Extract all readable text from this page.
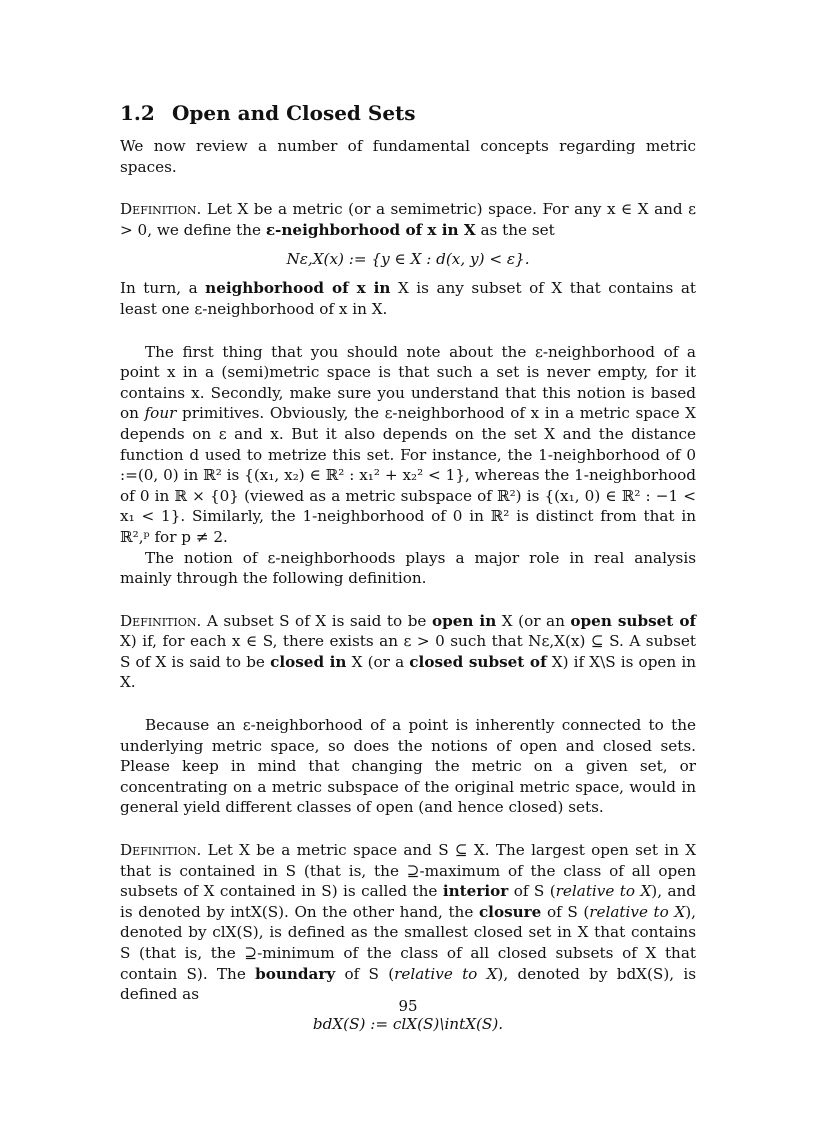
1.2 Open and Closed Sets

We now review a number of fundamental concepts regarding metric spaces.

Definition. Let X be a metric (or a semimetric) space. For any x ∈ X and ε > 0, we define the ε-neighborhood of x in X as the set

Nε,X(x) := {y ∈ X : d(x, y) < ε}.

In turn, a neighborhood of x in X is any subset of X that contains at least one ε-neighborhood of x in X.

The first thing that you should note about the ε-neighborhood of a point x in a (semi)metric space is that such a set is never empty, for it contains x. Secondly, make sure you understand that this notion is based on four primitives. Obviously, the ε-neighborhood of x in a metric space X depends on ε and x. But it also depends on the set X and the distance function d used to metrize this set. For instance, the 1-neighborhood of 0 :=(0, 0) in ℝ² is {(x₁, x₂) ∈ ℝ² : x₁² + x₂² < 1}, whereas the 1-neighborhood of 0 in ℝ × {0} (viewed as a metric subspace of ℝ²) is {(x₁, 0) ∈ ℝ² : −1 < x₁ < 1}. Similarly, the 1-neighborhood of 0 in ℝ² is distinct from that in ℝ²,ᵖ for p ≠ 2.

The notion of ε-neighborhoods plays a major role in real analysis mainly through the following definition.

Definition. A subset S of X is said to be open in X (or an open subset of X) if, for each x ∈ S, there exists an ε > 0 such that Nε,X(x) ⊆ S. A subset S of X is said to be closed in X (or a closed subset of X) if X\S is open in X.

Because an ε-neighborhood of a point is inherently connected to the underlying metric space, so does the notions of open and closed sets. Please keep in mind that changing the metric on a given set, or concentrating on a metric subspace of the original metric space, would in general yield different classes of open (and hence closed) sets.

Definition. Let X be a metric space and S ⊆ X. The largest open set in X that is contained in S (that is, the ⊇-maximum of the class of all open subsets of X contained in S) is called the interior of S (relative to X), and is denoted by intX(S). On the other hand, the closure of S (relative to X), denoted by clX(S), is defined as the smallest closed set in X that contains S (that is, the ⊇-minimum of the class of all closed subsets of X that contain S). The boundary of S (relative to X), denoted by bdX(S), is defined as

bdX(S) := clX(S)\intX(S).
95
